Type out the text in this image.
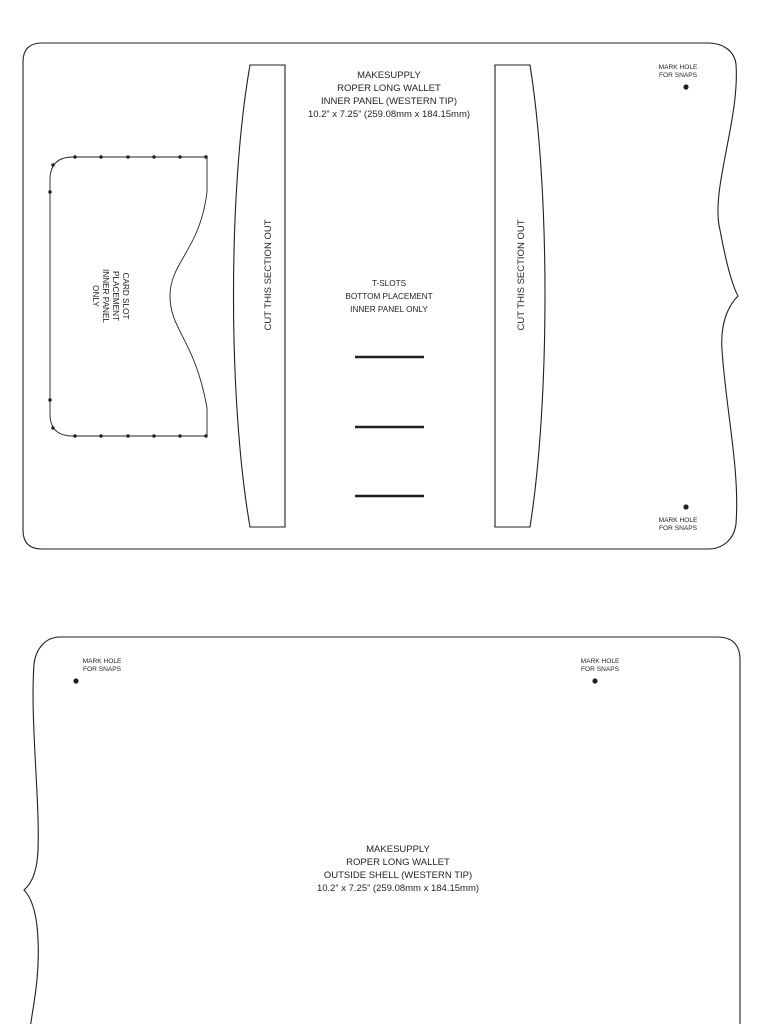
MAKESUPPLY
ROPER LONG WALLET
INNER PANEL (WESTERN TIP)
10.2” x 7.25” (259.08mm x 184.15mm)
CUT THIS SECTION OUT	CUT THIS SECTION OUT
T-SLOTS
BOTTOM PLACEMENT
INNER PANEL ONLY
CARD SLOT
PLACEMENT
INNER PANEL
ONLY
MARK HOLE
FOR SNAPS
MARK HOLE
FOR SNAPS
MAKESUPPLY
ROPER LONG WALLET
OUTSIDE SHELL (WESTERN TIP)
10.2” x 7.25” (259.08mm x 184.15mm)
MARK HOLE
FOR SNAPS
MARK HOLE
FOR SNAPS
